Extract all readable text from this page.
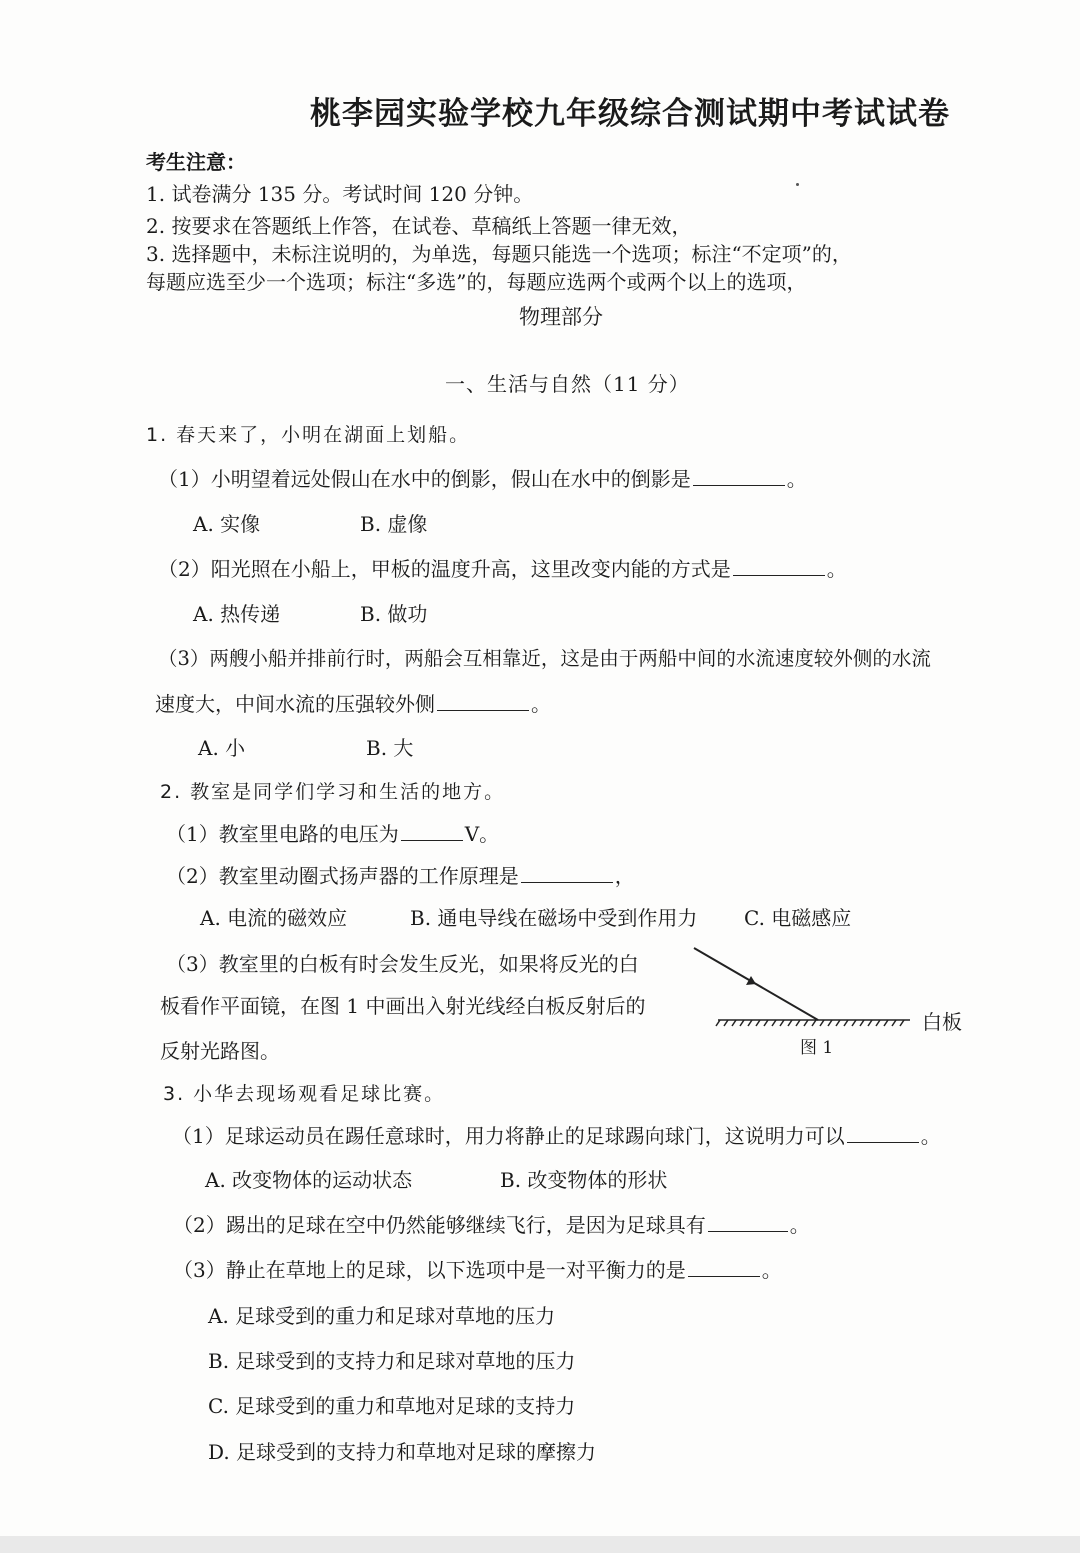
桃李园实验学校九年级综合测试期中考试试卷
考生注意：
1. 试卷满分 135 分。考试时间 120 分钟。
2. 按要求在答题纸上作答，在试卷、草稿纸上答题一律无效，
3. 选择题中，未标注说明的，为单选，每题只能选一个选项；标注“不定项”的，
每题应选至少一个选项；标注“多选”的，每题应选两个或两个以上的选项，
物理部分
一、生活与自然（11 分）
1. 春天来了，小明在湖面上划船。
（1）小明望着远处假山在水中的倒影，假山在水中的倒影是	。
A. 实像	B. 虚像
（2）阳光照在小船上，甲板的温度升高，这里改变内能的方式是	。
A. 热传递	B. 做功
（3）两艘小船并排前行时，两船会互相靠近，这是由于两船中间的水流速度较外侧的水流
速度大，中间水流的压强较外侧	。
A. 小	B. 大
2. 教室是同学们学习和生活的地方。
（1）教室里电路的电压为	V。
（2）教室里动圈式扬声器的工作原理是	，
A. 电流的磁效应	B. 通电导线在磁场中受到作用力 C. 电磁感应
（3）教室里的白板有时会发生反光，如果将反光的白
板看作平面镜，在图 1 中画出入射光线经白板反射后的
反射光路图。
白板
图 1
3. 小华去现场观看足球比赛。
（1）足球运动员在踢任意球时，用力将静止的足球踢向球门，这说明力可以	。
A. 改变物体的运动状态	B. 改变物体的形状
（2）踢出的足球在空中仍然能够继续飞行，是因为足球具有	。
（3）静止在草地上的足球，以下选项中是一对平衡力的是	。
A. 足球受到的重力和足球对草地的压力
B. 足球受到的支持力和足球对草地的压力
C. 足球受到的重力和草地对足球的支持力
D. 足球受到的支持力和草地对足球的摩擦力
